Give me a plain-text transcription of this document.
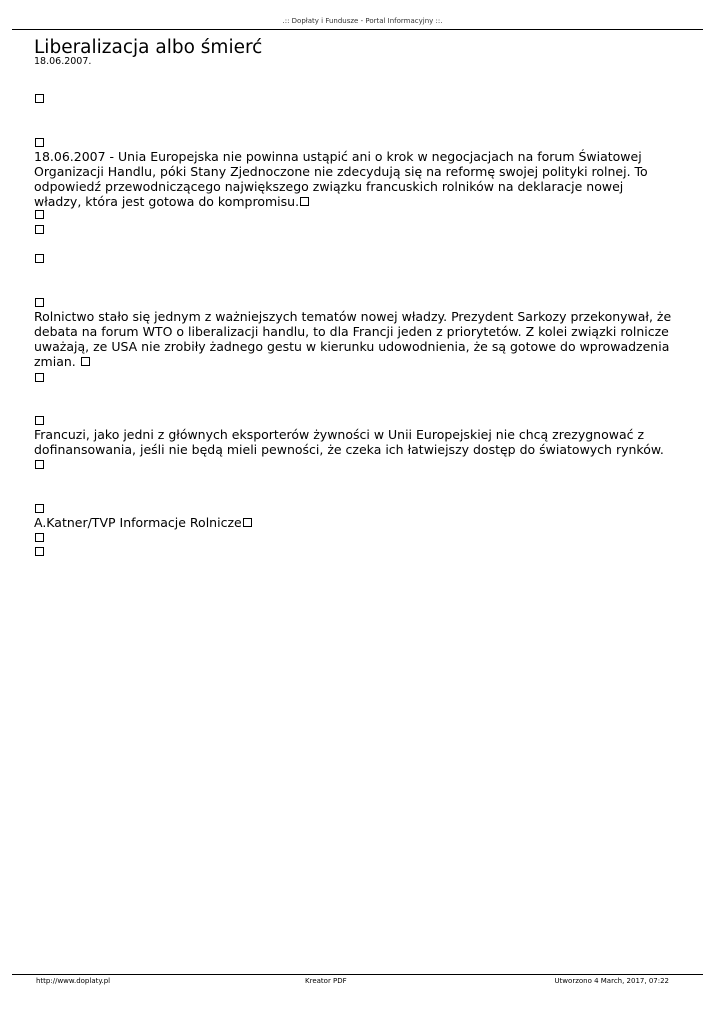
.:: Dopłaty i Fundusze - Portal Informacyjny ::.
Liberalizacja albo śmierć
18.06.2007.
18.06.2007 - Unia Europejska nie powinna ustąpić ani o krok w negocjacjach na forum Światowej Organizacji Handlu, póki Stany Zjednoczone nie zdecydują się na reformę swojej polityki rolnej. To odpowiedź przewodniczącego największego związku francuskich rolników na deklaracje nowej władzy, która jest gotowa do kompromisu.
Rolnictwo stało się jednym z ważniejszych tematów nowej władzy. Prezydent Sarkozy przekonywał, że debata na forum WTO o liberalizacji handlu, to dla Francji jeden z priorytetów. Z kolei związki rolnicze uważają, ze USA nie zrobiły żadnego gestu w kierunku udowodnienia, że są gotowe do wprowadzenia zmian.
Francuzi, jako jedni z głównych eksporterów żywności w Unii Europejskiej nie chcą zrezygnować z dofinansowania, jeśli nie będą mieli pewności, że czeka ich łatwiejszy dostęp do światowych rynków.
A.Katner/TVP Informacje Rolnicze
http://www.doplaty.pl	Kreator PDF	Utworzono 4 March, 2017, 07:22
